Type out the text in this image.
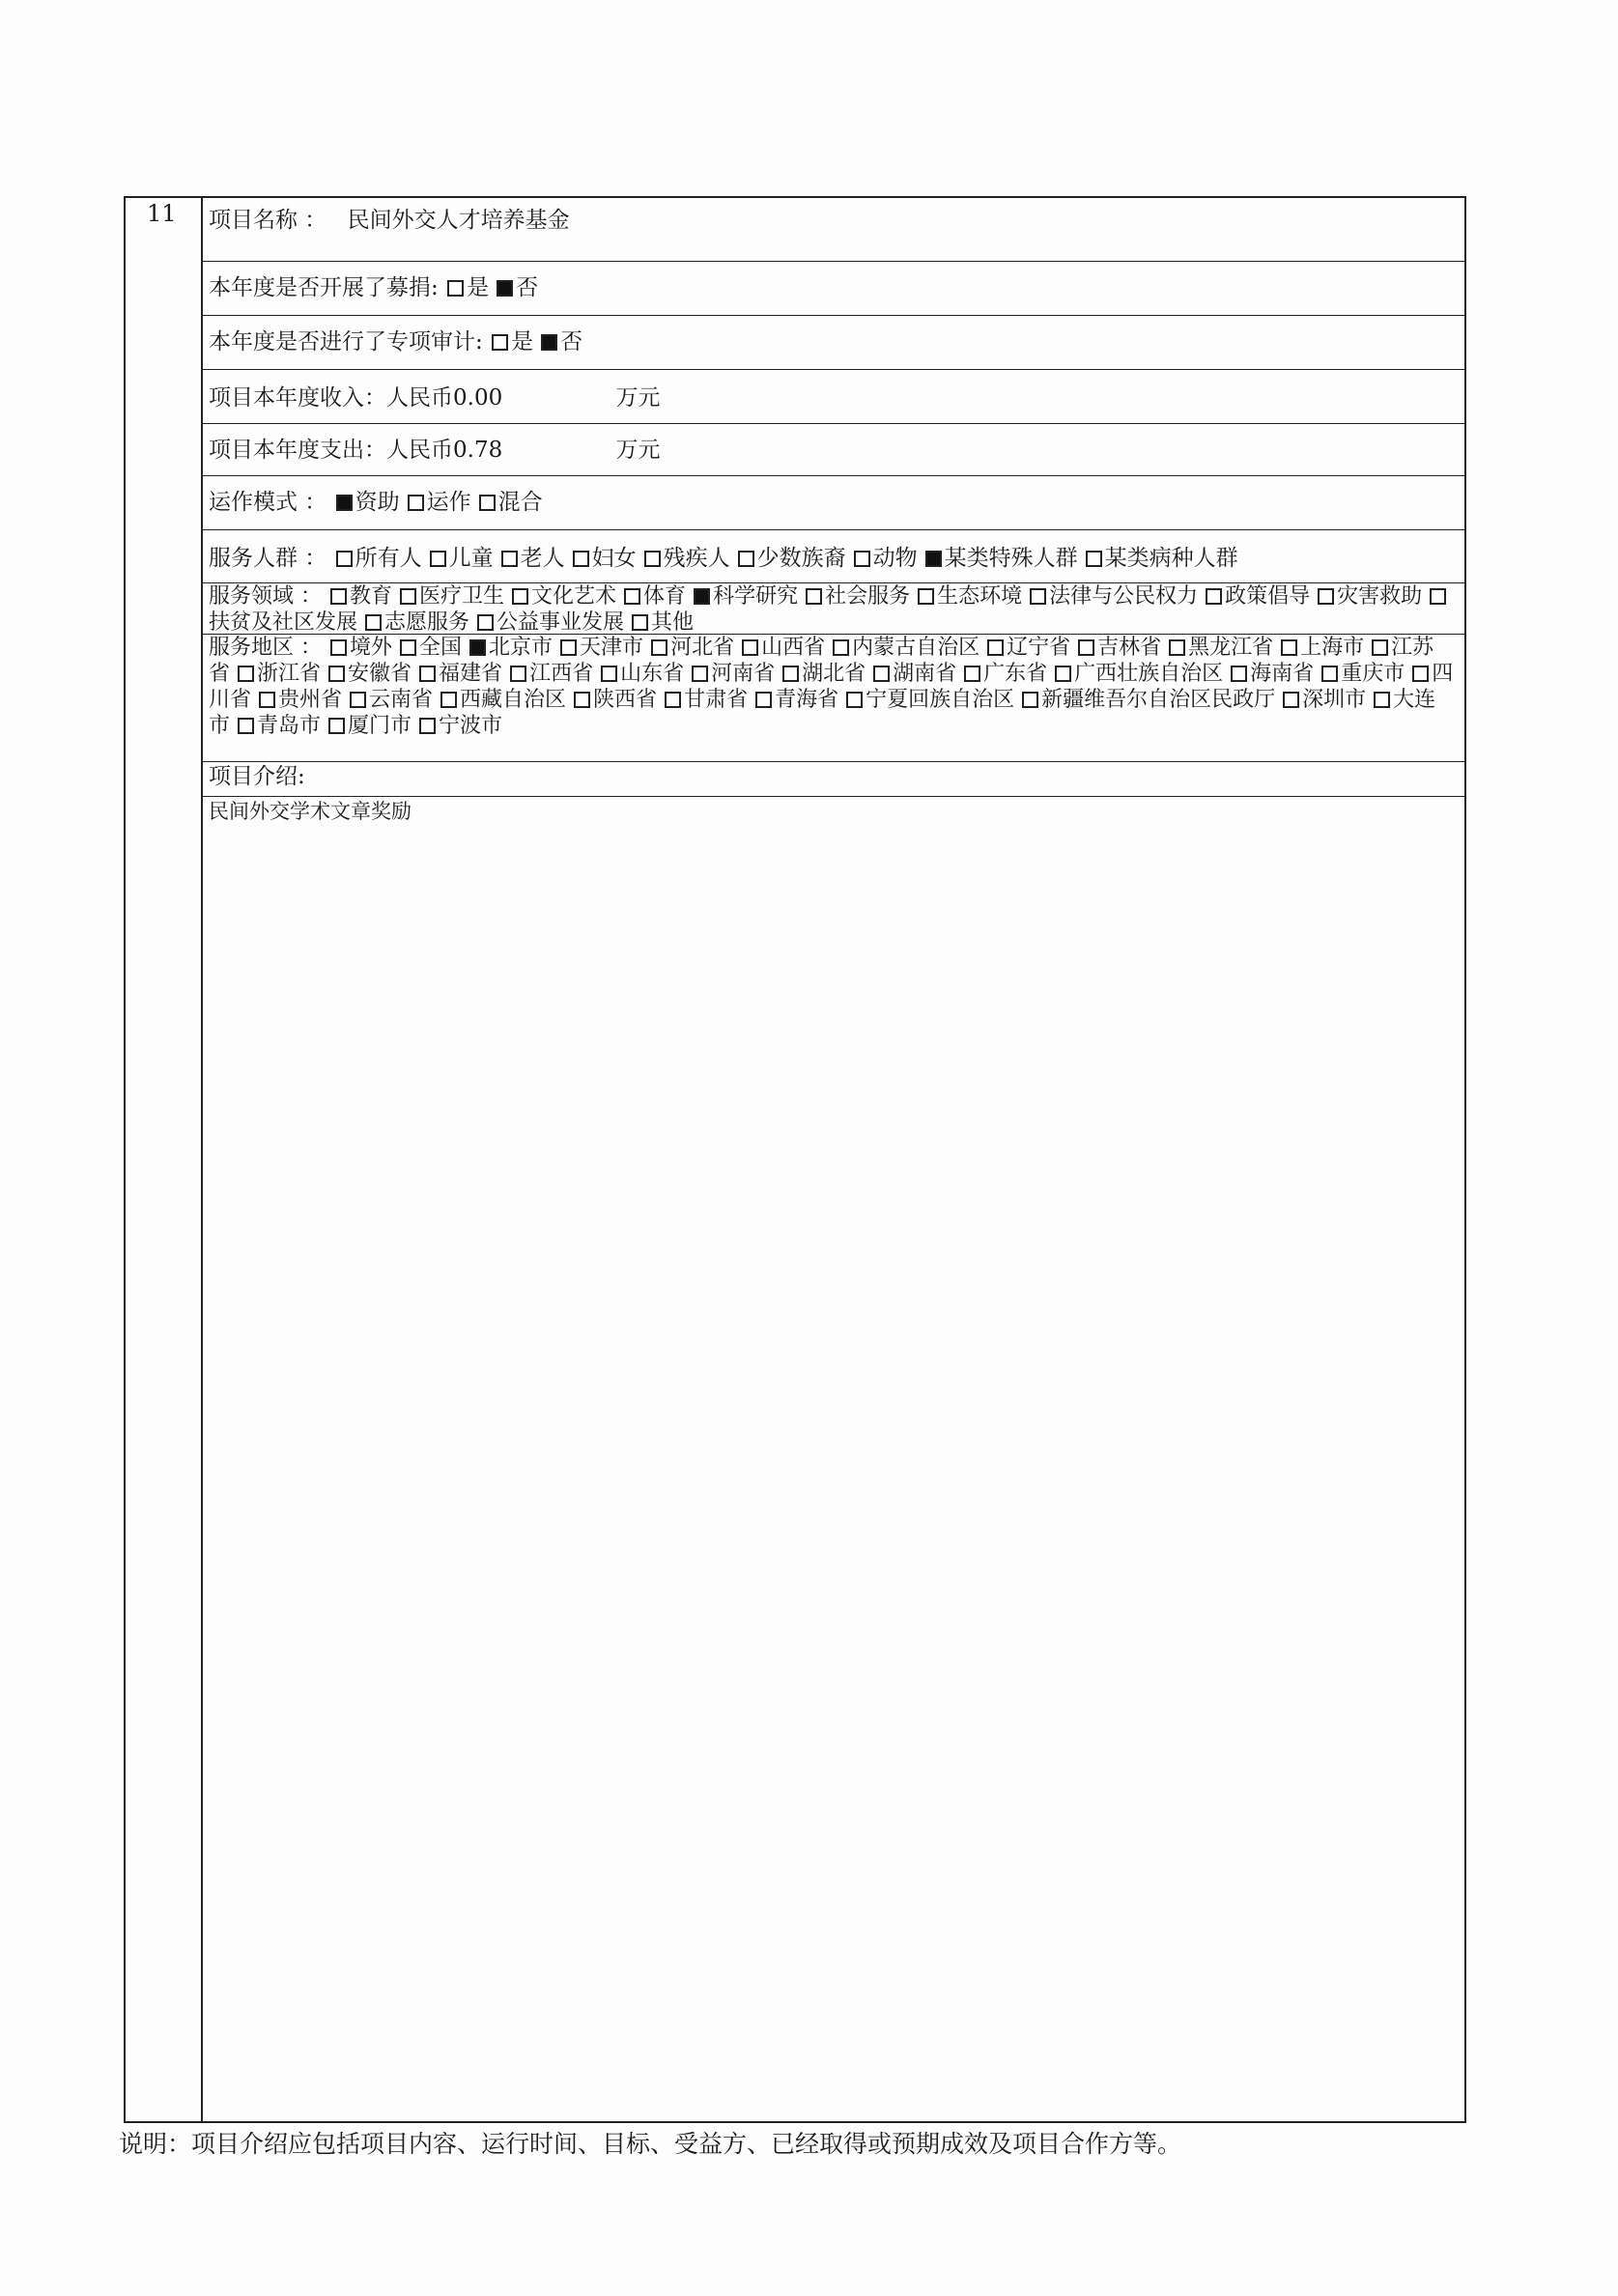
11 项目名称 ： 民间外交人才培养基金
本年度是否开展了募捐: 是 否
本年度是否进行了专项审计: 是 否
项目本年度收入：人民币0.00	万元
项目本年度支出：人民币0.78	万元
运作模式 ： 资助 运作 混合
服务人群 ： 所有人 儿童 老人 妇女 残疾人 少数族裔 动物 某类特殊人群 某类病种人群
服务领域 ： 教育 医疗卫生 文化艺术 体育 科学研究 社会服务 生态环境 法律与公民权力 政策倡导 灾害救助扶贫及社区发展 志愿服务 公益事业发展 其他
服务地区 ： 境外 全国 北京市 天津市 河北省 山西省 内蒙古自治区 辽宁省 吉林省 黑龙江省 上海市 江苏省 浙江省 安徽省 福建省 江西省 山东省 河南省 湖北省 湖南省 广东省 广西壮族自治区 海南省 重庆市 四川省 贵州省 云南省 西藏自治区 陕西省 甘肃省 青海省 宁夏回族自治区 新疆维吾尔自治区民政厅 深圳市 大连市 青岛市 厦门市 宁波市
项目介绍:
民间外交学术文章奖励
说明：项目介绍应包括项目内容、运行时间、目标、受益方、已经取得或预期成效及项目合作方等。
